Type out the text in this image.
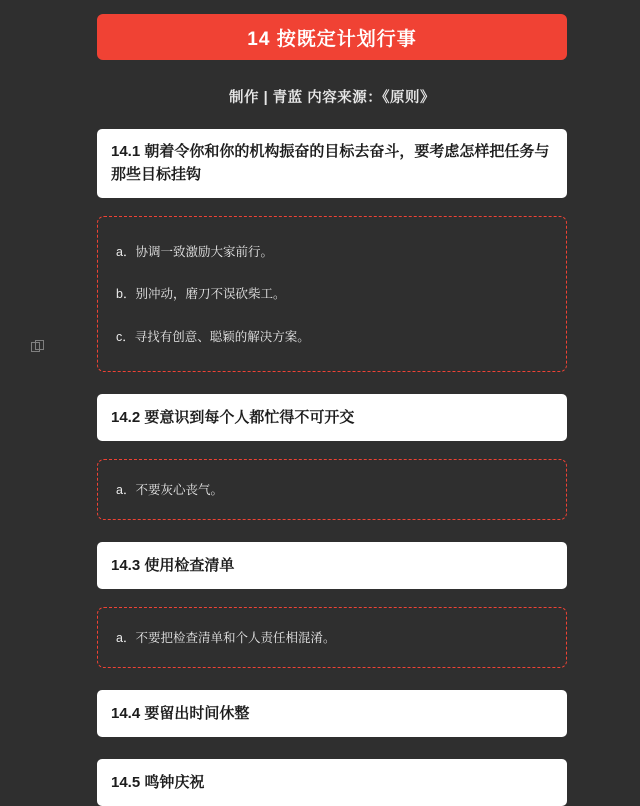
14 按既定计划行事
制作 | 青蓝 内容来源：《原则》
14.1 朝着令你和你的机构振奋的目标去奋斗，要考虑怎样把任务与那些目标挂钩
a．协调一致激励大家前行。
b．别冲动，磨刀不误砍柴工。
c．寻找有创意、聪颖的解决方案。
14.2 要意识到每个人都忙得不可开交
a．不要灰心丧气。
14.3 使用检查清单
a．不要把检查清单和个人责任相混淆。
14.4 要留出时间休整
14.5 鸣钟庆祝
